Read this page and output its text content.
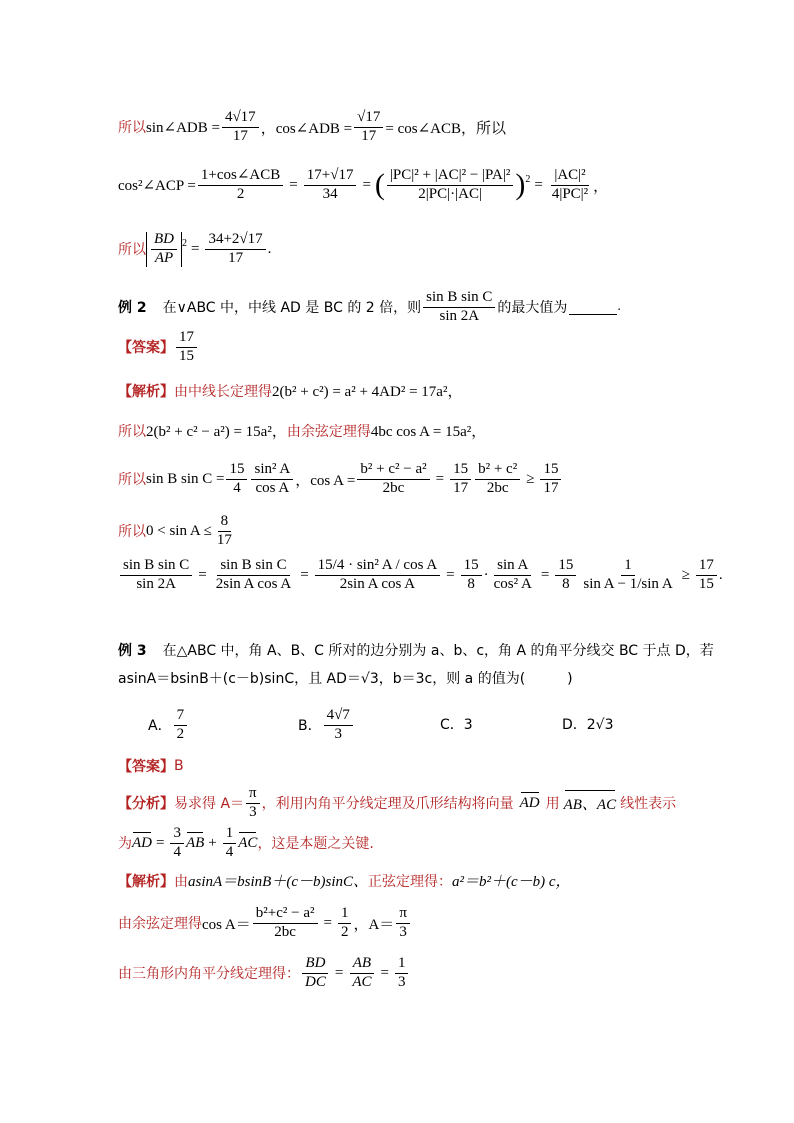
所以 sin∠ADB = $\frac{4√17}{17}$ ，cos∠ADB = $\frac{√17}{17}$ = cos∠ACB，所以
cos²∠ACP = $\frac{\text{1+cos∠ACB}}{2} = \frac{17+√17}{34}$ = ( $\frac{\text{|PC|² + |AC|² − |PA|²}}{2|PC|\cdot|AC|}$ ) $2 = \frac{\text{|AC|²}}{\text{4|PC|²}}$ ，
所以 $\frac{BD}{AP} 2 = \frac{34+2√17}{17}$ .
例 2 在∨ABC 中，中线 AD 是 BC 的 2 倍，则 $\frac{\text{sin B sin C}}{\sin 2A}$ 的最大值为	.
【答案】 $\frac{17}{15}$
【解析】 由中线长定理得 2(b² + c²) = a² + 4AD² = 17a²，
所以 2(b² + c² − a²) = 15a²， 由余弦定理得 4bc cos A = 15a²，
所以 sin B $\sin C = \frac{15}{4} \frac{\text{sin² A}}{\text{cos A}}$ ，$\cos A = \frac{\text{b² + c² − a²}}{2bc} = \frac{15}{17} \frac{\text{b² + c²}}{2bc} \ge \frac{15}{17}$
所以 $0 < \sin A \le \frac{8}{17}$
$\frac{\text{sin B sin C}}{\sin 2A} = \frac{\text{sin B sin C}}{\text{2sin A cos A}} = \frac{\text{15/4 · sin² A / cos A}}{\text{2sin A cos A}} = \frac{15}{8} \cdot \frac{\text{sin A}}{\text{cos² A}} = \frac{15}{8} \frac{1}{\text{sin A − 1/sin A}} \ge \frac{17}{15}$ .
例 3 在△ABC 中，角 A、B、C 所对的边分别为 a、b、c，角 A 的角平分线交 BC 于点 D，若
asinA＝bsinB＋(c－b)sinC，且 AD＝√3，b＝3c，则 a 的值为(　　　)
A． $\frac{7}{2}$	B． $\frac{4√7}{3}$	C．3	D．2√3
【答案】 B
【分析】 易求得 $A= \frac{\pi}{3}$ ，利用内角平分线定理及爪形结构将向量 AD 用 AB、AC 线性表示
为 AD = $\frac{3}{4}$ AB + $\frac{1}{4}$ AC ，这是本题之关键.
【解析】 由 asinA＝bsinB＋(c－b)sinC、 正弦定理得： a²＝b²＋(c－b) c，
由余弦定理得 $\cos A= \frac{\text{b²+c² − a²}}{2bc} = \frac{1}{2}$ ，$A= \frac{\pi}{3}$
由三角形内角平分线定理得： $\frac{BD}{DC} = \frac{AB}{AC} = \frac{1}{3}$
